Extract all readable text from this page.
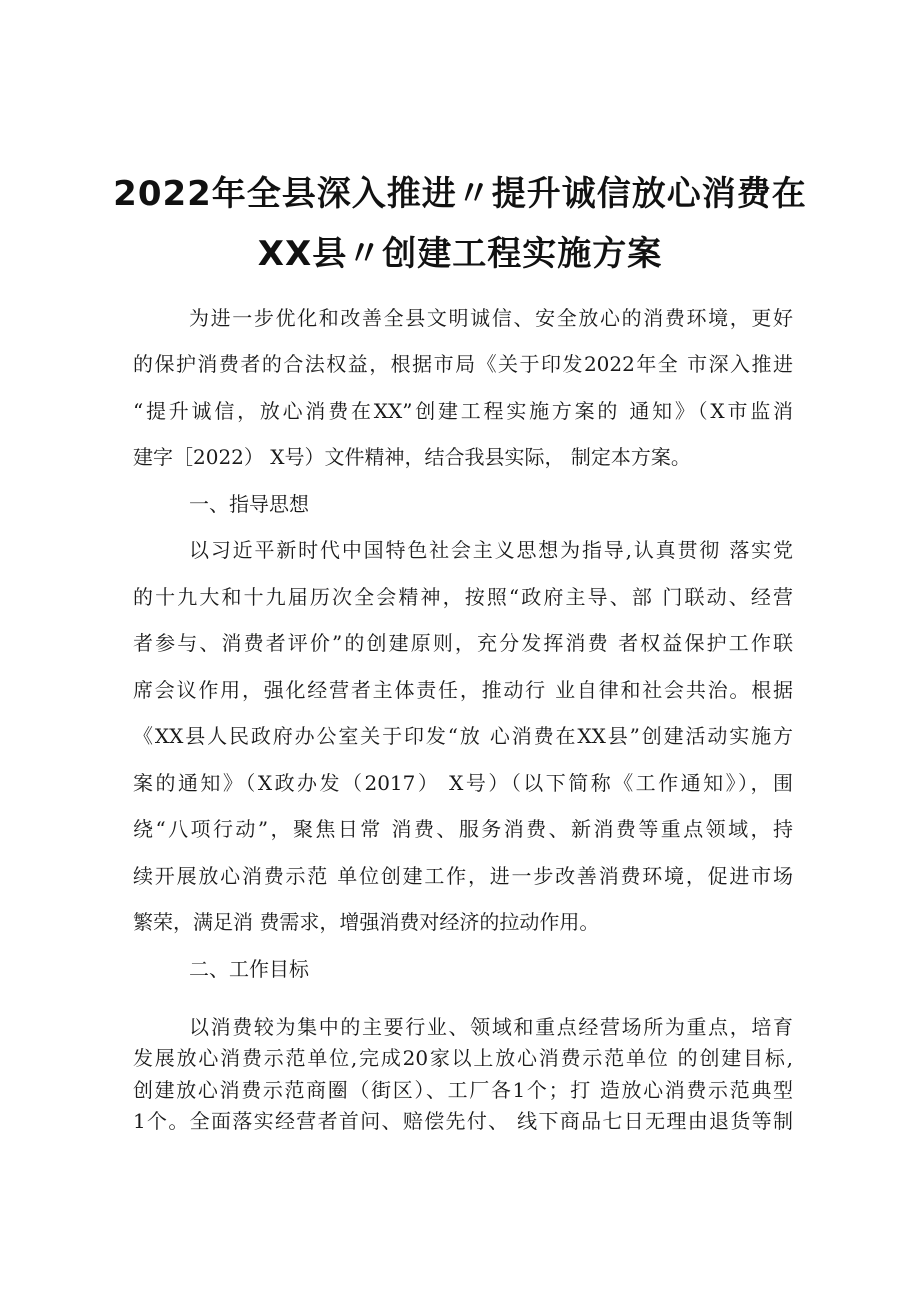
2022年全县深入推进〃提升诚信放心消费在
XX县〃创建工程实施方案
为进一步优化和改善全县文明诚信、安全放心的消费环境，更好
的保护消费者的合法权益，根据市局《关于印发2022年全 市深入推进
“提升诚信，放心消费在XX”创建工程实施方案的 通知》（X市监消
建字［2022） X号）文件精神，结合我县实际， 制定本方案。
一、指导思想
以习近平新时代中国特色社会主义思想为指导,认真贯彻 落实党
的十九大和十九届历次全会精神，按照“政府主导、部 门联动、经营
者参与、消费者评价”的创建原则，充分发挥消费 者权益保护工作联
席会议作用，强化经营者主体责任，推动行 业自律和社会共治。根据
《XX县人民政府办公室关于印发“放 心消费在XX县”创建活动实施方
案的通知》（X政办发（2017） X号）（以下简称《工作通知》），围
绕“八项行动”，聚焦日常 消费、服务消费、新消费等重点领域，持
续开展放心消费示范 单位创建工作，进一步改善消费环境，促进市场
繁荣，满足消 费需求，增强消费对经济的拉动作用。
二、工作目标
以消费较为集中的主要行业、领域和重点经营场所为重点，培育
发展放心消费示范单位,完成20家以上放心消费示范单位 的创建目标,
创建放心消费示范商圈（街区）、工厂各1个；打 造放心消费示范典型
1个。全面落实经营者首问、赔偿先付、 线下商品七日无理由退货等制
